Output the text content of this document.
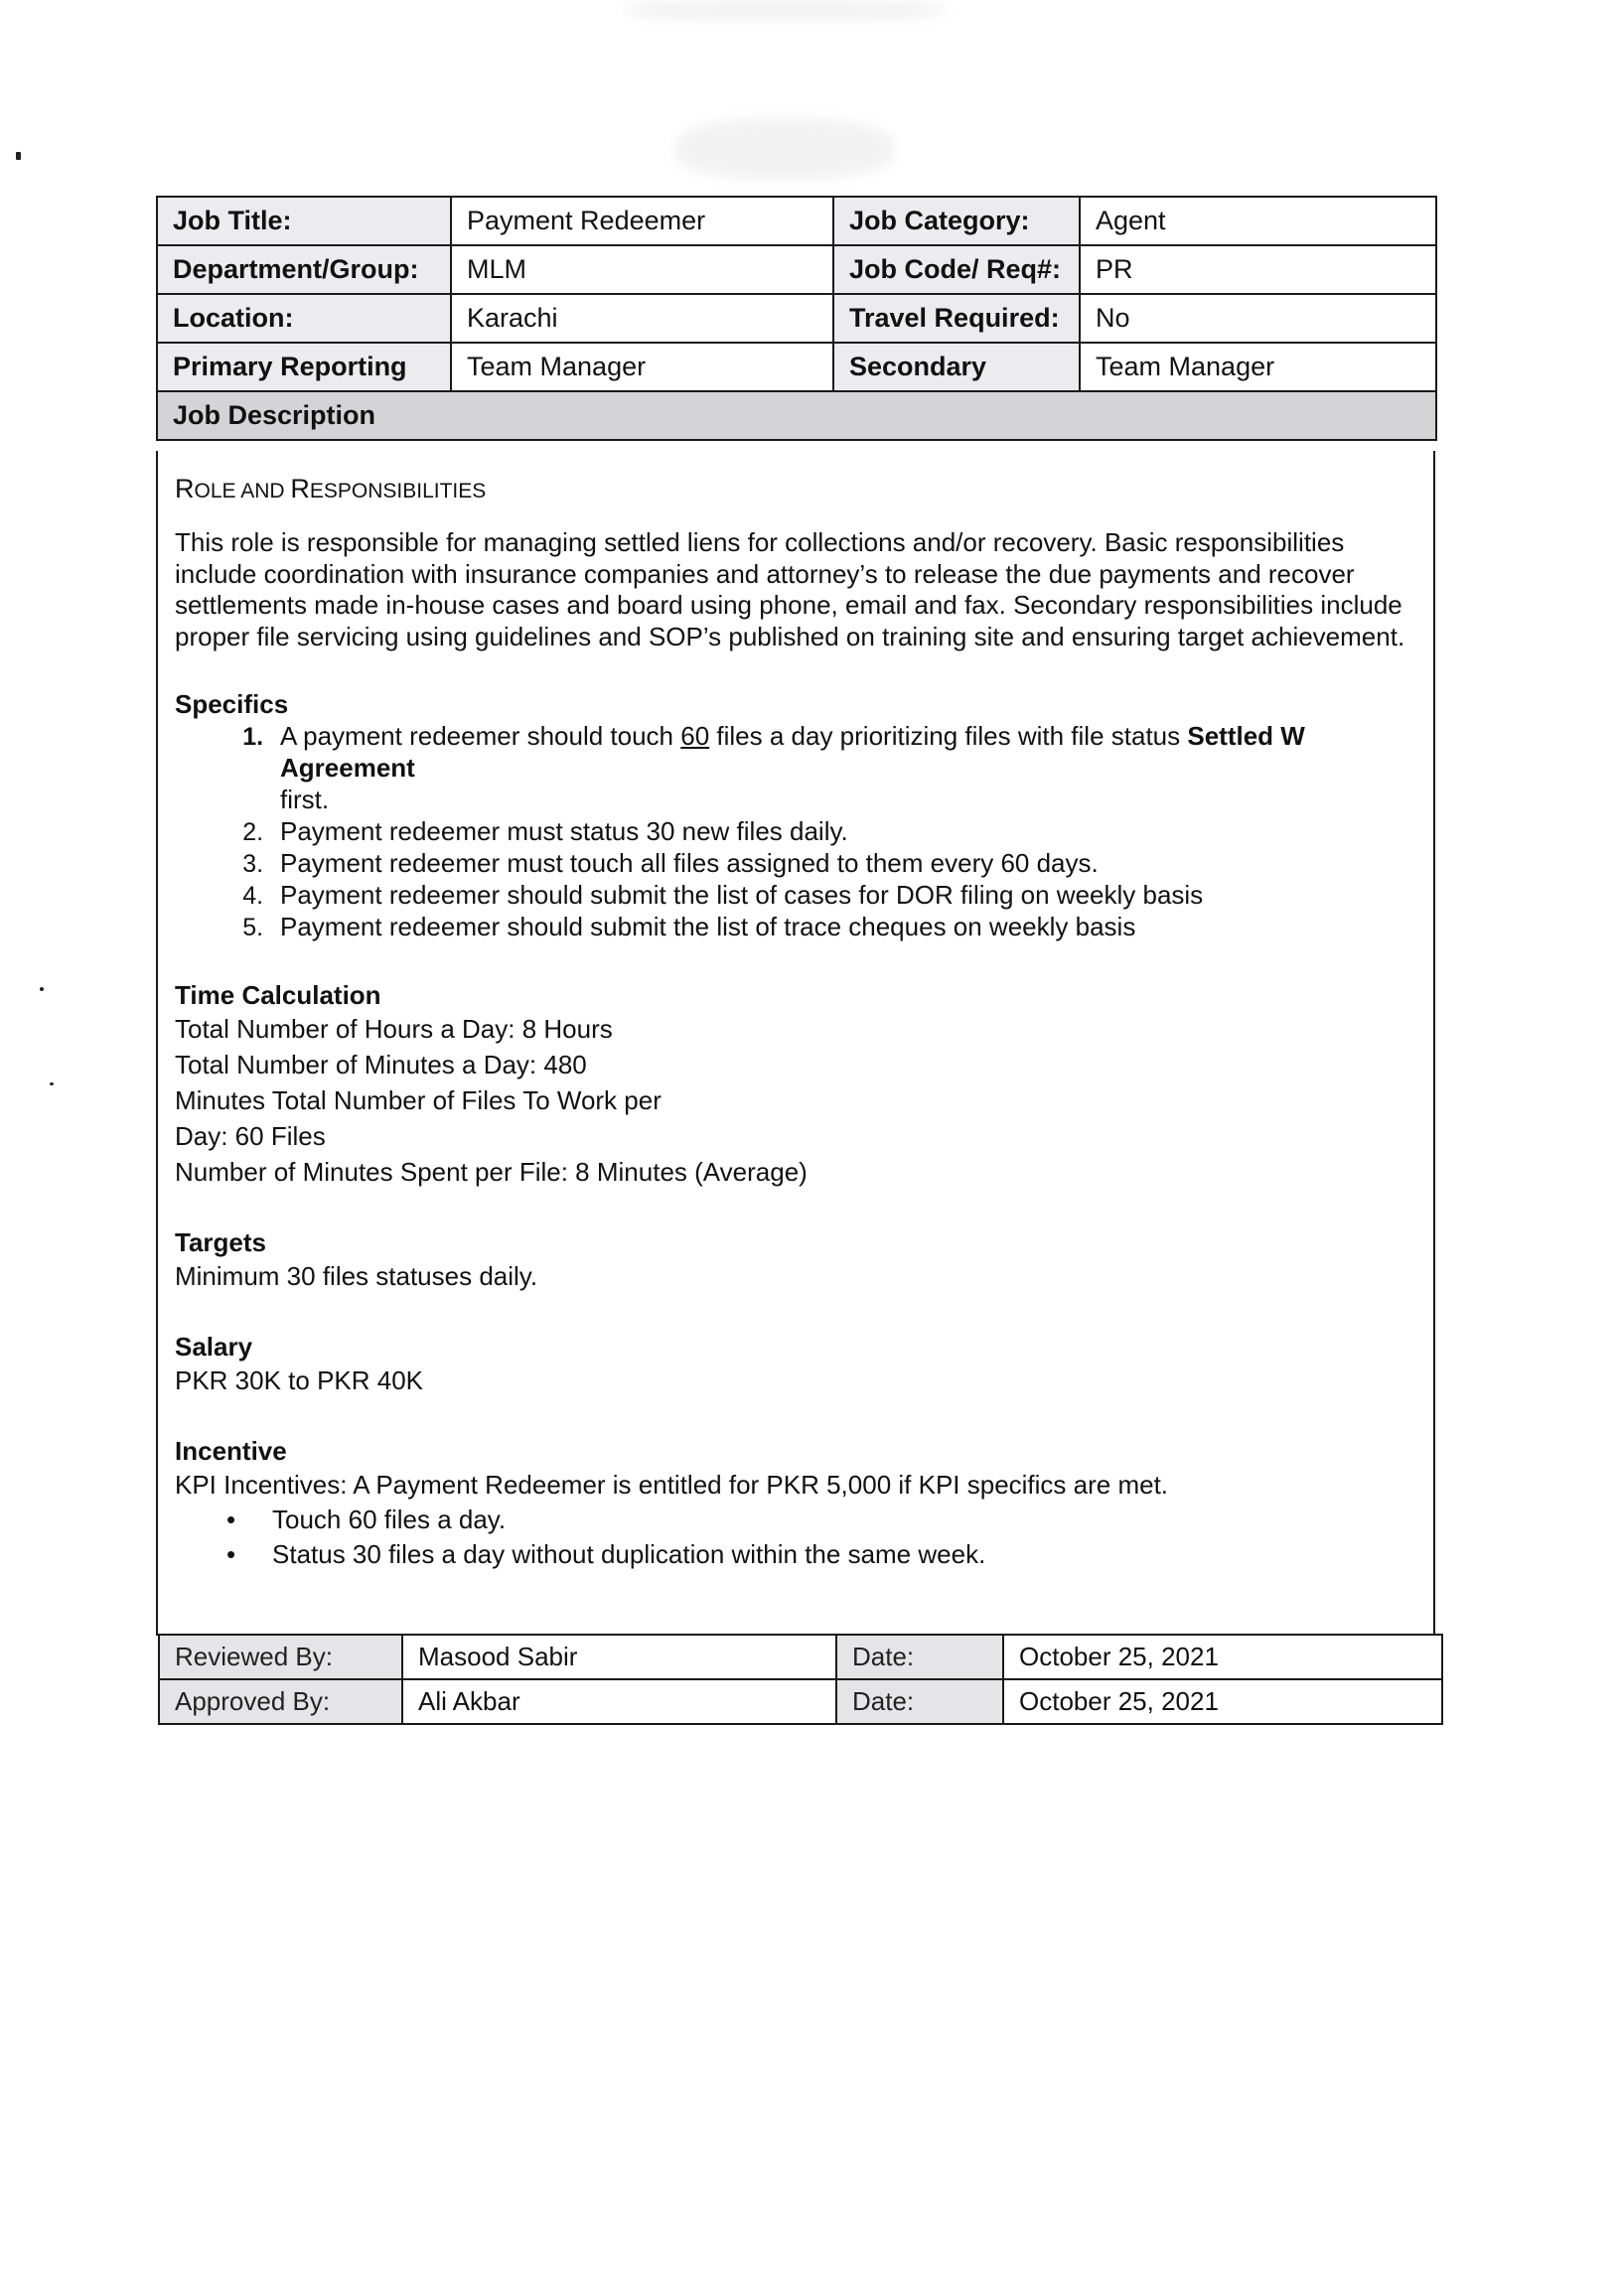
Job Title:	Payment Redeemer	Job Category:	Agent
Department/Group:	MLM	Job Code/ Req#:	PR
Location:	Karachi	Travel Required:	No
Primary Reporting	Team Manager	Secondary	Team Manager
Job Description			

ROLE AND RESPONSIBILITIES

This role is responsible for managing settled liens for collections and/or recovery. Basic responsibilities include coordination with insurance companies and attorney’s to release the due payments and recover settlements made in-house cases and board using phone, email and fax. Secondary responsibilities include proper file servicing using guidelines and SOP’s published on training site and ensuring target achievement.

Specifics

1. A payment redeemer should touch 60 files a day prioritizing files with file status Settled W
Agreement
first.
2. Payment redeemer must status 30 new files daily.
3. Payment redeemer must touch all files assigned to them every 60 days.
4. Payment redeemer should submit the list of cases for DOR filing on weekly basis
5. Payment redeemer should submit the list of trace cheques on weekly basis

Time Calculation

Total Number of Hours a Day: 8 Hours

Total Number of Minutes a Day: 480

Minutes Total Number of Files To Work per

Day: 60 Files

Number of Minutes Spent per File: 8 Minutes (Average)

Targets

Minimum 30 files statuses daily.

Salary

PKR 30K to PKR 40K

Incentive

KPI Incentives: A Payment Redeemer is entitled for PKR 5,000 if KPI specifics are met.

• Touch 60 files a day.
• Status 30 files a day without duplication within the same week.
Reviewed By:	Masood Sabir	Date:	October 25, 2021
Approved By:	Ali Akbar	Date:	October 25, 2021
